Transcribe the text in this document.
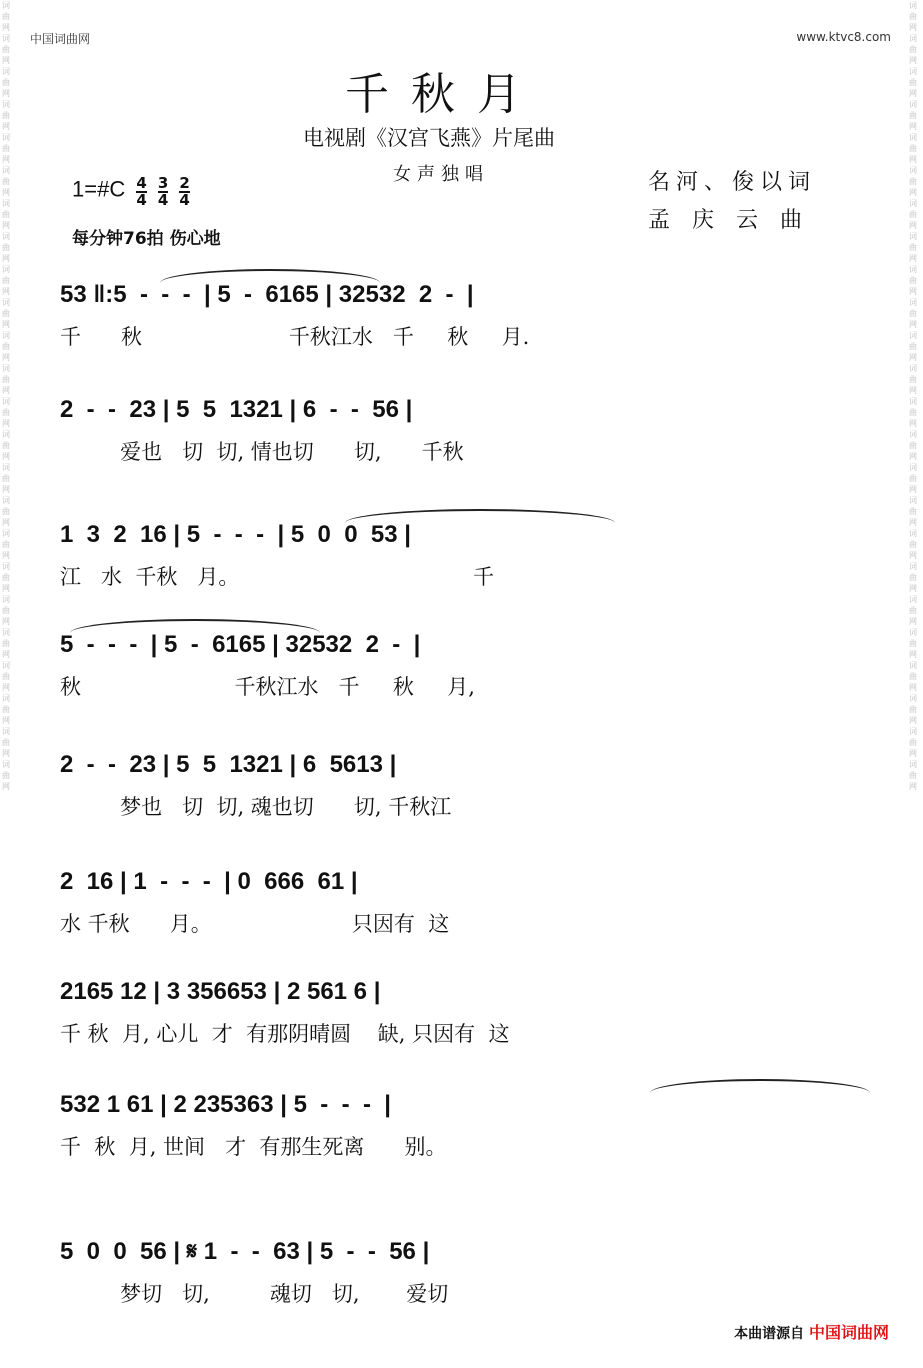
词曲网词曲网词曲网词曲网词曲网词曲网词曲网词曲网词曲网词曲网词曲网词曲网词曲网词曲网词曲网词曲网词曲网词曲网词曲网词曲网词曲网词曲网词曲网词曲网
词曲网词曲网词曲网词曲网词曲网词曲网词曲网词曲网词曲网词曲网词曲网词曲网词曲网词曲网词曲网词曲网词曲网词曲网词曲网词曲网词曲网词曲网词曲网词曲网
中国词曲网	www.ktvc8.com
千秋月
电视剧《汉宫飞燕》片尾曲
女声独唱	名河、俊以词
孟庆云曲
1=#C $\frac{4}{4}$
$\frac{3}{4}$
$\frac{2}{4}$
每分钟76拍 伤心地
53 ‖:5  -  -  -  | 5  -  6165 | 32532  2  -  |
千      秋                      千秋江水   千     秋     月.
2  -  -  23 | 5  5  1321 | 6  -  -  56 |
爱也   切  切, 情也切      切,      千秋
1  3  2  16 | 5  -  -  -  | 5  0  0  53 |
江   水  千秋   月。                                   千
5  -  -  -  | 5  -  6165 | 32532  2  -  |
秋                       千秋江水   千     秋     月,
2  -  -  23 | 5  5  1321 | 6  5613 |
梦也   切  切, 魂也切      切, 千秋江
2  16 | 1  -  -  -  | 0  666  61 |
水 千秋      月。                     只因有  这
2165 12 | 3 356653 | 2 561 6 |
千 秋  月, 心儿  才  有那阴晴圆    缺, 只因有  这
532 1 61 | 2 235363 | 5  -  -  -  |
千  秋  月, 世间   才  有那生死离      别。
5  0  0  56 | 𝄋 1  -  -  63 | 5  -  -  56 |
梦切   切,         魂切   切,       爱切
本曲谱源自 中国词曲网
